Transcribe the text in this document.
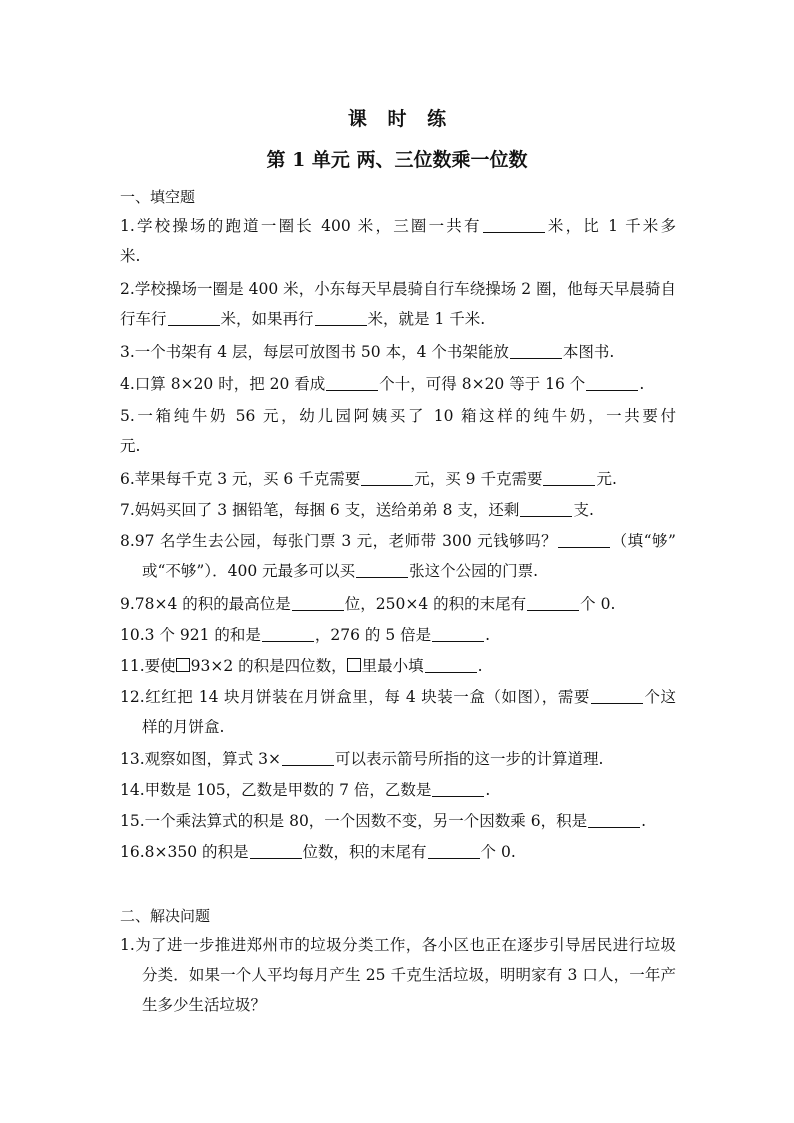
课 时 练
第 1 单元 两、三位数乘一位数
一、填空题
1.学校操场的跑道一圈长 400 米，三圈一共有	米，比 1 千米多
米.
2.学校操场一圈是 400 米，小东每天早晨骑自行车绕操场 2 圈，他每天早晨骑自
行车行	米，如果再行	米，就是 1 千米.
3.一个书架有 4 层，每层可放图书 50 本，4 个书架能放	本图书.
4.口算 8×20 时，把 20 看成	个十，可得 8×20 等于 16 个	.
5.一箱纯牛奶 56 元，幼儿园阿姨买了 10 箱这样的纯牛奶，一共要付
元.
6.苹果每千克 3 元，买 6 千克需要	元，买 9 千克需要	元.
7.妈妈买回了 3 捆铅笔，每捆 6 支，送给弟弟 8 支，还剩	支.
8.97 名学生去公园，每张门票 3 元，老师带 300 元钱够吗？	（填“够”
或“不够”）．400 元最多可以买	张这个公园的门票.
9.78×4 的积的最高位是	位，250×4 的积的末尾有	个 0.
10.3 个 921 的和是	，276 的 5 倍是	.
11.要使 93×2 的积是四位数， 里最小填	.
12.红红把 14 块月饼装在月饼盒里，每 4 块装一盒（如图），需要	个这
样的月饼盒.
13.观察如图，算式 3×	可以表示箭号所指的这一步的计算道理.
14.甲数是 105，乙数是甲数的 7 倍，乙数是	.
15.一个乘法算式的积是 80，一个因数不变，另一个因数乘 6，积是	.
16.8×350 的积是	位数，积的末尾有	个 0.
二、解决问题
1.为了进一步推进郑州市的垃圾分类工作，各小区也正在逐步引导居民进行垃圾
分类．如果一个人平均每月产生 25 千克生活垃圾，明明家有 3 口人，一年产
生多少生活垃圾？
